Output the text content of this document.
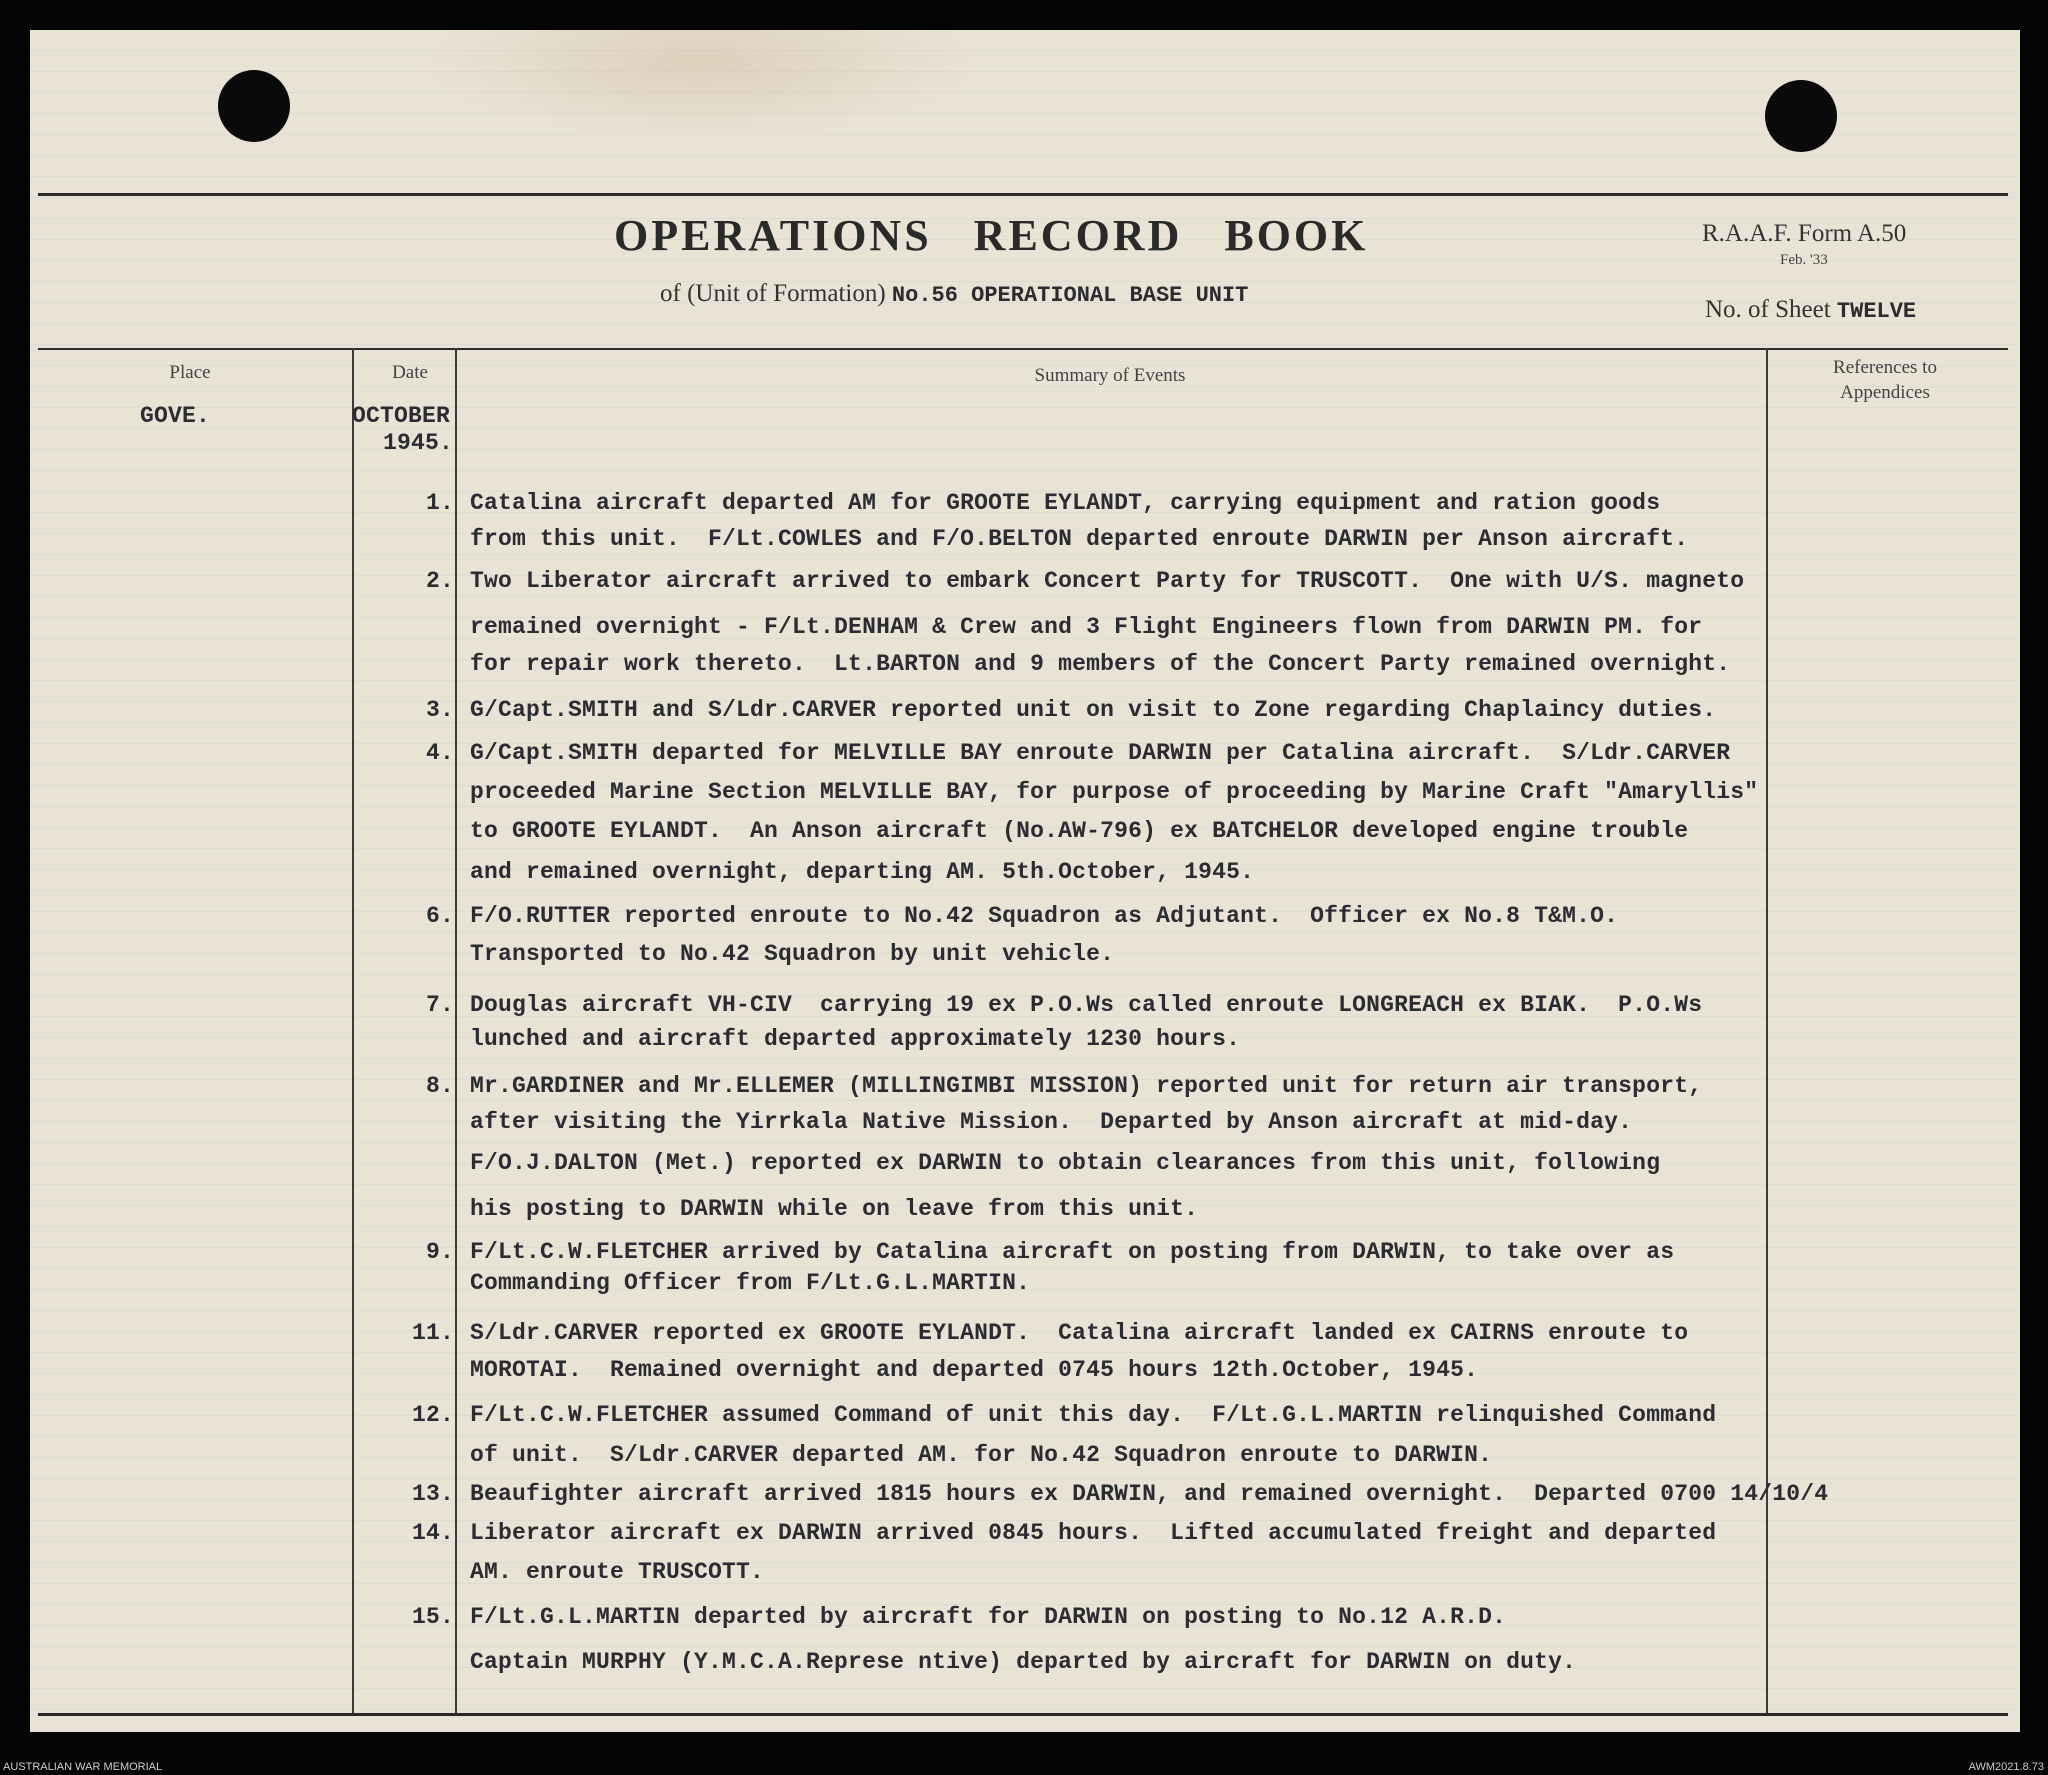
OPERATIONS   RECORD   BOOK	R.A.A.F. Form A.50
Feb. '33
of (Unit of Formation) No.56 OPERATIONAL BASE UNIT
No. of Sheet TWELVE
Place	Date	Summary of Events	References to
Appendices
GOVE.	OCTOBER
1945.
1. Catalina aircraft departed AM for GROOTE EYLANDT, carrying equipment and ration goods
from this unit.  F/Lt.COWLES and F/O.BELTON departed enroute DARWIN per Anson aircraft.
2. Two Liberator aircraft arrived to embark Concert Party for TRUSCOTT.  One with U/S. magneto
remained overnight - F/Lt.DENHAM & Crew and 3 Flight Engineers flown from DARWIN PM. for
for repair work thereto.  Lt.BARTON and 9 members of the Concert Party remained overnight.
3. G/Capt.SMITH and S/Ldr.CARVER reported unit on visit to Zone regarding Chaplaincy duties.
4. G/Capt.SMITH departed for MELVILLE BAY enroute DARWIN per Catalina aircraft.  S/Ldr.CARVER
proceeded Marine Section MELVILLE BAY, for purpose of proceeding by Marine Craft "Amaryllis"
to GROOTE EYLANDT.  An Anson aircraft (No.AW-796) ex BATCHELOR developed engine trouble
and remained overnight, departing AM. 5th.October, 1945.
6. F/O.RUTTER reported enroute to No.42 Squadron as Adjutant.  Officer ex No.8 T&M.O.
Transported to No.42 Squadron by unit vehicle.
7. Douglas aircraft VH-CIV  carrying 19 ex P.O.Ws called enroute LONGREACH ex BIAK.  P.O.Ws
lunched and aircraft departed approximately 1230 hours.
8. Mr.GARDINER and Mr.ELLEMER (MILLINGIMBI MISSION) reported unit for return air transport,
after visiting the Yirrkala Native Mission.  Departed by Anson aircraft at mid-day.
F/O.J.DALTON (Met.) reported ex DARWIN to obtain clearances from this unit, following
his posting to DARWIN while on leave from this unit.
9. F/Lt.C.W.FLETCHER arrived by Catalina aircraft on posting from DARWIN, to take over as
Commanding Officer from F/Lt.G.L.MARTIN.
11. S/Ldr.CARVER reported ex GROOTE EYLANDT.  Catalina aircraft landed ex CAIRNS enroute to
MOROTAI.  Remained overnight and departed 0745 hours 12th.October, 1945.
12. F/Lt.C.W.FLETCHER assumed Command of unit this day.  F/Lt.G.L.MARTIN relinquished Command
of unit.  S/Ldr.CARVER departed AM. for No.42 Squadron enroute to DARWIN.
13. Beaufighter aircraft arrived 1815 hours ex DARWIN, and remained overnight.  Departed 0700 14/10/4
14. Liberator aircraft ex DARWIN arrived 0845 hours.  Lifted accumulated freight and departed
AM. enroute TRUSCOTT.
15. F/Lt.G.L.MARTIN departed by aircraft for DARWIN on posting to No.12 A.R.D.
Captain MURPHY (Y.M.C.A.Represe ntive) departed by aircraft for DARWIN on duty.
AUSTRALIAN WAR MEMORIAL	AWM2021.8.73
